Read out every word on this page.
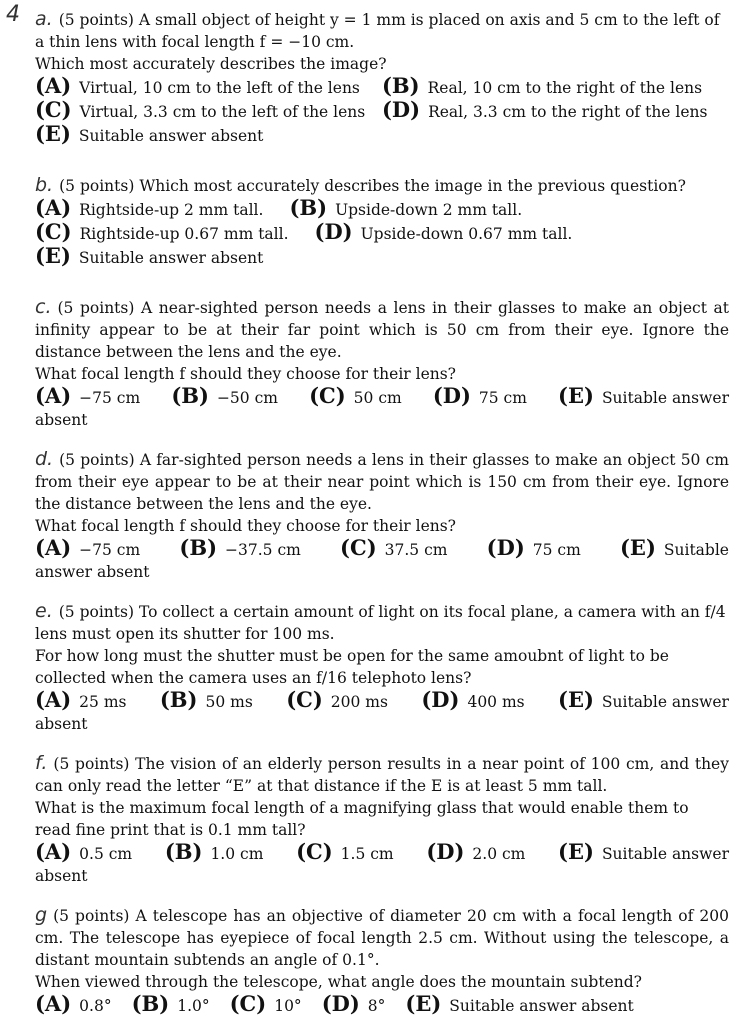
4 a. (5 points) A small object of height y = 1 mm is placed on axis and 5 cm to the left of a thin lens with focal length f = −10 cm.

Which most accurately describes the image?

(A) Virtual, 10 cm to the left of the lens (B) Real, 10 cm to the right of the lens
(C) Virtual, 3.3 cm to the left of the lens (D) Real, 3.3 cm to the right of the lens
(E) Suitable answer absent

b. (5 points) Which most accurately describes the image in the previous question?

(A) Rightside-up 2 mm tall. (B) Upside-down 2 mm tall.
(C) Rightside-up 0.67 mm tall. (D) Upside-down 0.67 mm tall.
(E) Suitable answer absent

c. (5 points) A near-sighted person needs a lens in their glasses to make an object at infinity appear to be at their far point which is 50 cm from their eye. Ignore the distance between the lens and the eye.

What focal length f should they choose for their lens?

(A) −75 cm (B) −50 cm (C) 50 cm (D) 75 cm (E) Suitable answer
absent

d. (5 points) A far-sighted person needs a lens in their glasses to make an object 50 cm from their eye appear to be at their near point which is 150 cm from their eye. Ignore the distance between the lens and the eye.

What focal length f should they choose for their lens?

(A) −75 cm (B) −37.5 cm (C) 37.5 cm (D) 75 cm (E) Suitable
answer absent

e. (5 points) To collect a certain amount of light on its focal plane, a camera with an f/4 lens must open its shutter for 100 ms.

For how long must the shutter must be open for the same amoubnt of light to be collected when the camera uses an f/16 telephoto lens?

(A) 25 ms (B) 50 ms (C) 200 ms (D) 400 ms (E) Suitable answer
absent

f. (5 points) The vision of an elderly person results in a near point of 100 cm, and they can only read the letter “E” at that distance if the E is at least 5 mm tall.

What is the maximum focal length of a magnifying glass that would enable them to read fine print that is 0.1 mm tall?

(A) 0.5 cm (B) 1.0 cm (C) 1.5 cm (D) 2.0 cm (E) Suitable answer
absent

g (5 points) A telescope has an objective of diameter 20 cm with a focal length of 200 cm. The telescope has eyepiece of focal length 2.5 cm. Without using the telescope, a distant mountain subtends an angle of 0.1°.

When viewed through the telescope, what angle does the mountain subtend?

(A) 0.8° (B) 1.0° (C) 10° (D) 8° (E) Suitable answer absent
